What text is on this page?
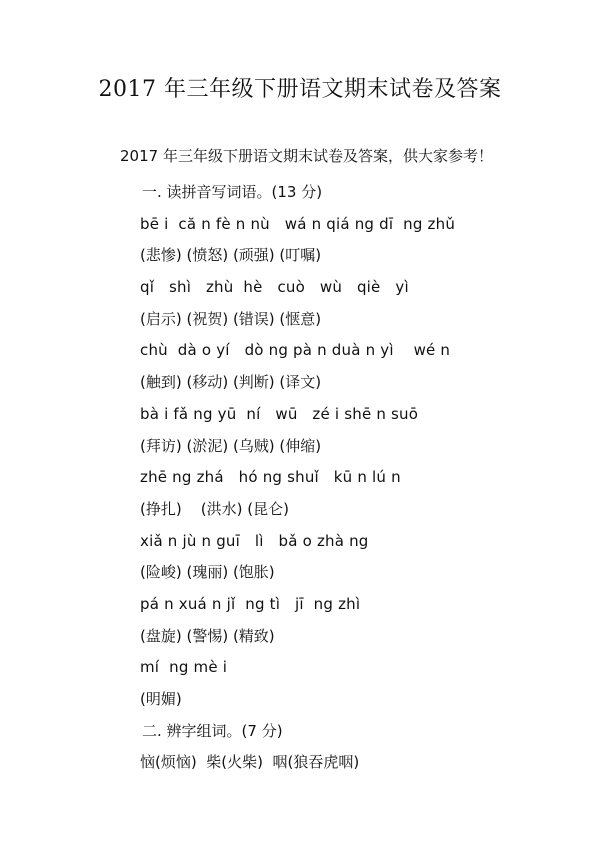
2017 年三年级下册语文期末试卷及答案
2017 年三年级下册语文期末试卷及答案，供大家参考！
一. 读拼音写词语。(13 分)
bē i  că n fè n nù   wá n qiá ng dī  ng zhǔ
(悲惨) (愤怒) (顽强) (叮嘱)
qǐ   shì   zhù  hè   cuò   wù   qiè   yì
(启示) (祝贺) (错误) (惬意)
chù  dà o yí   dò ng pà n duà n yì    wé n
(触到) (移动) (判断) (译文)
bà i fǎ ng yū  ní   wū   zé i shē n suō
(拜访) (淤泥) (乌贼) (伸缩)
zhē ng zhá   hó ng shuǐ   kū n lú n
(挣扎)    (洪水) (昆仑)
xiǎ n jù n guī   lì   bǎ o zhà ng
(险峻) (瑰丽) (饱胀)
pá n xuá n jǐ  ng tì   jī  ng zhì
(盘旋) (警惕) (精致)
mí  ng mè i
(明媚)
二. 辨字组词。(7 分)
恼(烦恼)  柴(火柴)  咽(狼吞虎咽)
